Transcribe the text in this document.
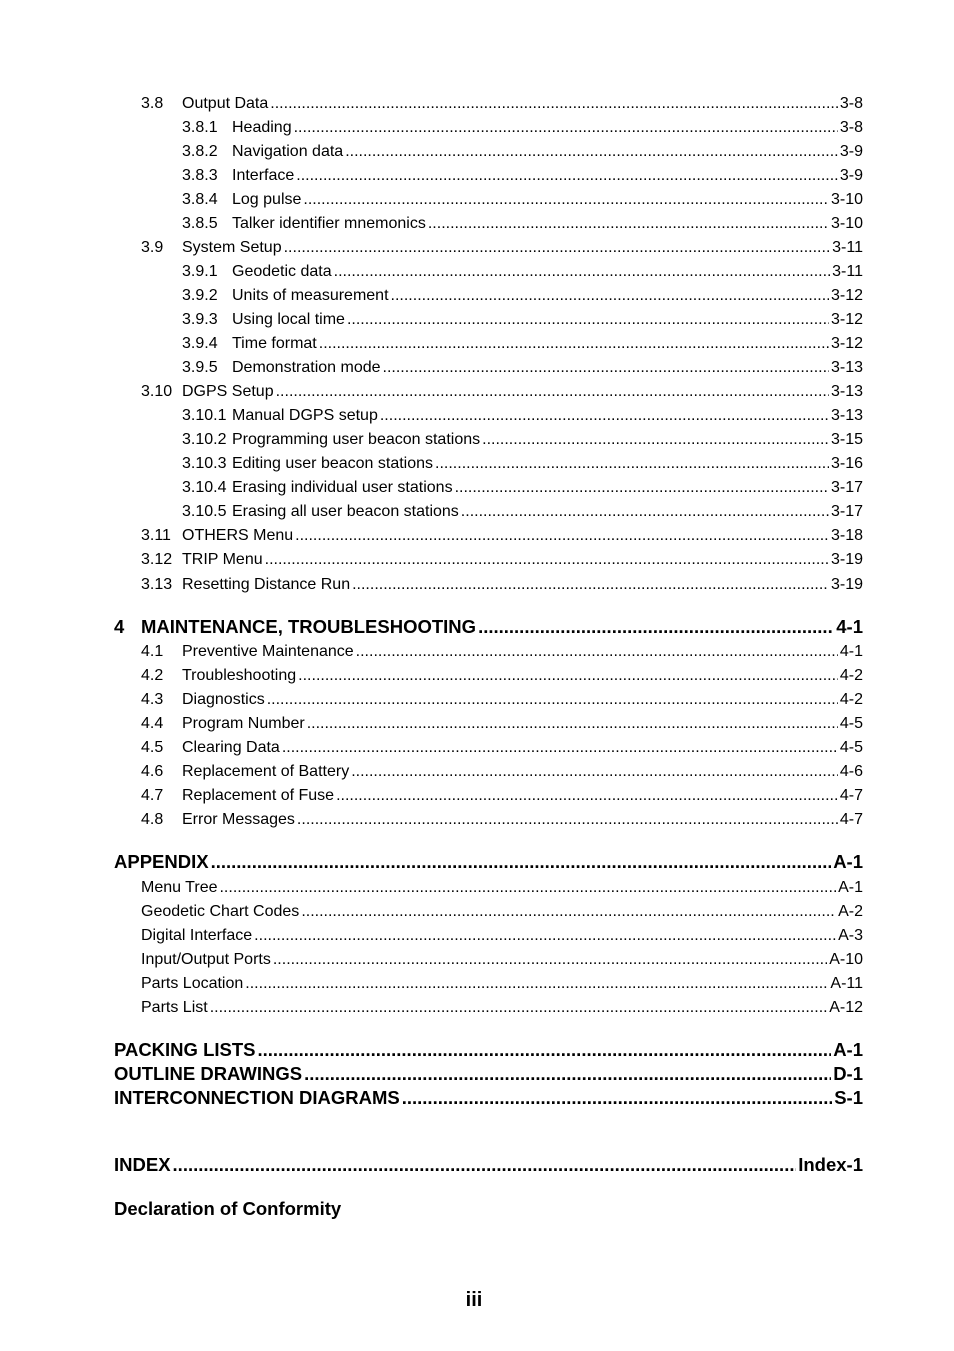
3.8	Output Data .....	3-8
3.8.1 Heading .....	3-8
3.8.2 Navigation data .....	3-9
3.8.3 Interface .....	3-9
3.8.4 Log pulse .....	3-10
3.8.5 Talker identifier mnemonics .....	3-10
3.9	System Setup .....	3-11
3.9.1 Geodetic data .....	3-11
3.9.2 Units of measurement .....	3-12
3.9.3 Using local time .....	3-12
3.9.4 Time format .....	3-12
3.9.5 Demonstration mode .....	3-13
3.10 DGPS Setup .....	3-13
3.10.1 Manual DGPS setup .....	3-13
3.10.2 Programming user beacon stations .....	3-15
3.10.3 Editing user beacon stations .....	3-16
3.10.4 Erasing individual user stations .....	3-17
3.10.5 Erasing all user beacon stations .....	3-17
3.11 OTHERS Menu .....	3-18
3.12 TRIP Menu .....	3-19
3.13 Resetting Distance Run .....	3-19
4 MAINTENANCE, TROUBLESHOOTING .....	4-1
4.1	Preventive Maintenance .....	4-1
4.2	Troubleshooting .....	4-2
4.3	Diagnostics .....	4-2
4.4	Program Number .....	4-5
4.5	Clearing Data .....	4-5
4.6	Replacement of Battery .....	4-6
4.7	Replacement of Fuse .....	4-7
4.8	Error Messages .....	4-7
APPENDIX .....	A-1
Menu Tree .....	A-1
Geodetic Chart Codes .....	A-2
Digital Interface .....	A-3
Input/Output Ports .....	A-10
Parts Location .....	A-11
Parts List .....	A-12
PACKING LISTS .....	A-1
OUTLINE DRAWINGS .....	D-1
INTERCONNECTION DIAGRAMS .....	S-1
INDEX .....	Index-1
Declaration of Conformity
iii
